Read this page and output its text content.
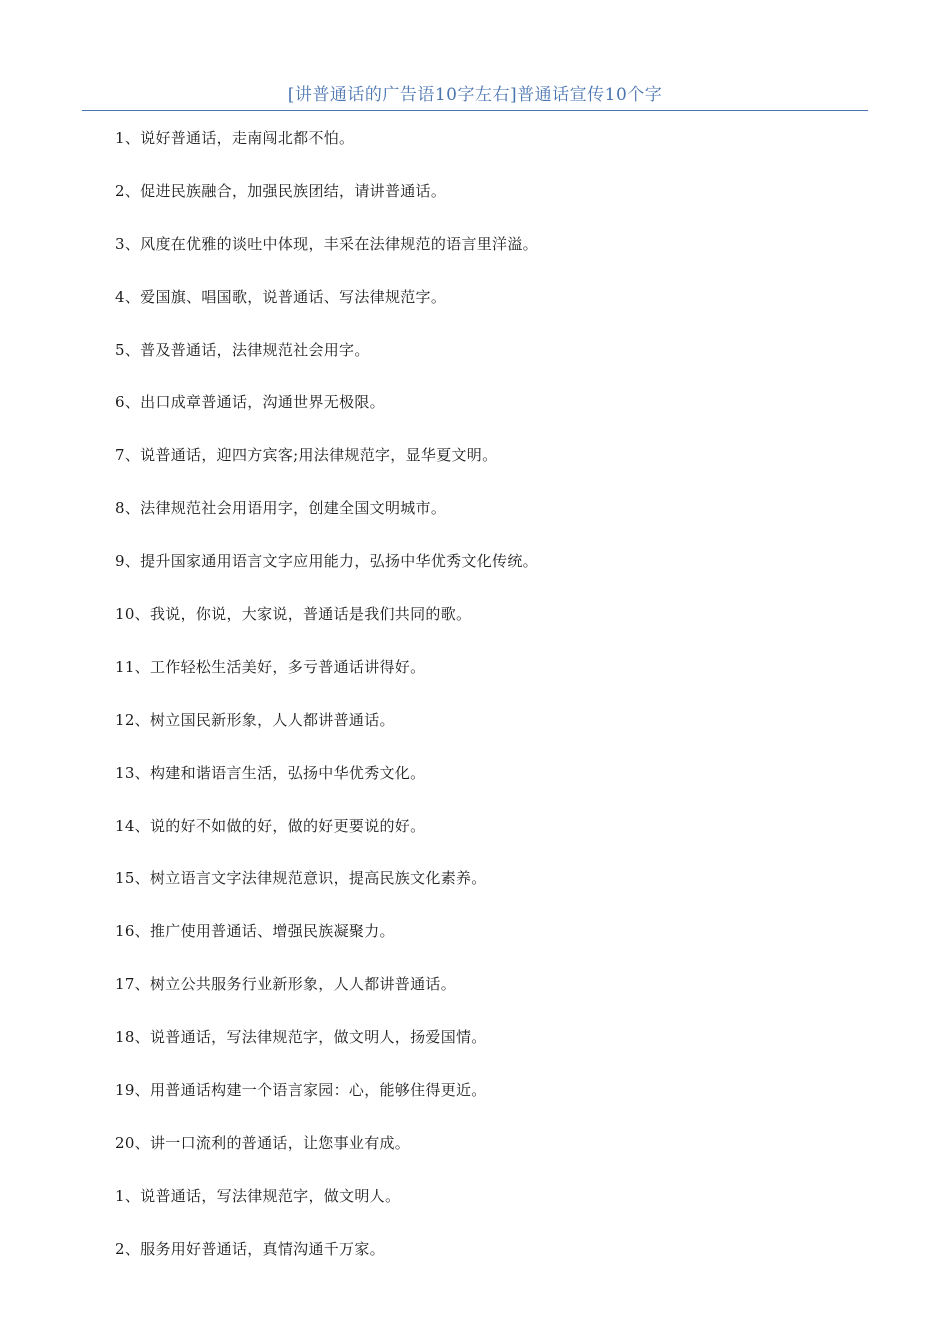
[讲普通话的广告语10字左右]普通话宣传10个字
1、说好普通话，走南闯北都不怕。
2、促进民族融合，加强民族团结，请讲普通话。
3、风度在优雅的谈吐中体现，丰采在法律规范的语言里洋溢。
4、爱国旗、唱国歌，说普通话、写法律规范字。
5、普及普通话，法律规范社会用字。
6、出口成章普通话，沟通世界无极限。
7、说普通话，迎四方宾客;用法律规范字，显华夏文明。
8、法律规范社会用语用字，创建全国文明城市。
9、提升国家通用语言文字应用能力，弘扬中华优秀文化传统。
10、我说，你说，大家说，普通话是我们共同的歌。
11、工作轻松生活美好，多亏普通话讲得好。
12、树立国民新形象，人人都讲普通话。
13、构建和谐语言生活，弘扬中华优秀文化。
14、说的好不如做的好，做的好更要说的好。
15、树立语言文字法律规范意识，提高民族文化素养。
16、推广使用普通话、增强民族凝聚力。
17、树立公共服务行业新形象，人人都讲普通话。
18、说普通话，写法律规范字，做文明人，扬爱国情。
19、用普通话构建一个语言家园：心，能够住得更近。
20、讲一口流利的普通话，让您事业有成。
1、说普通话，写法律规范字，做文明人。
2、服务用好普通话，真情沟通千万家。
